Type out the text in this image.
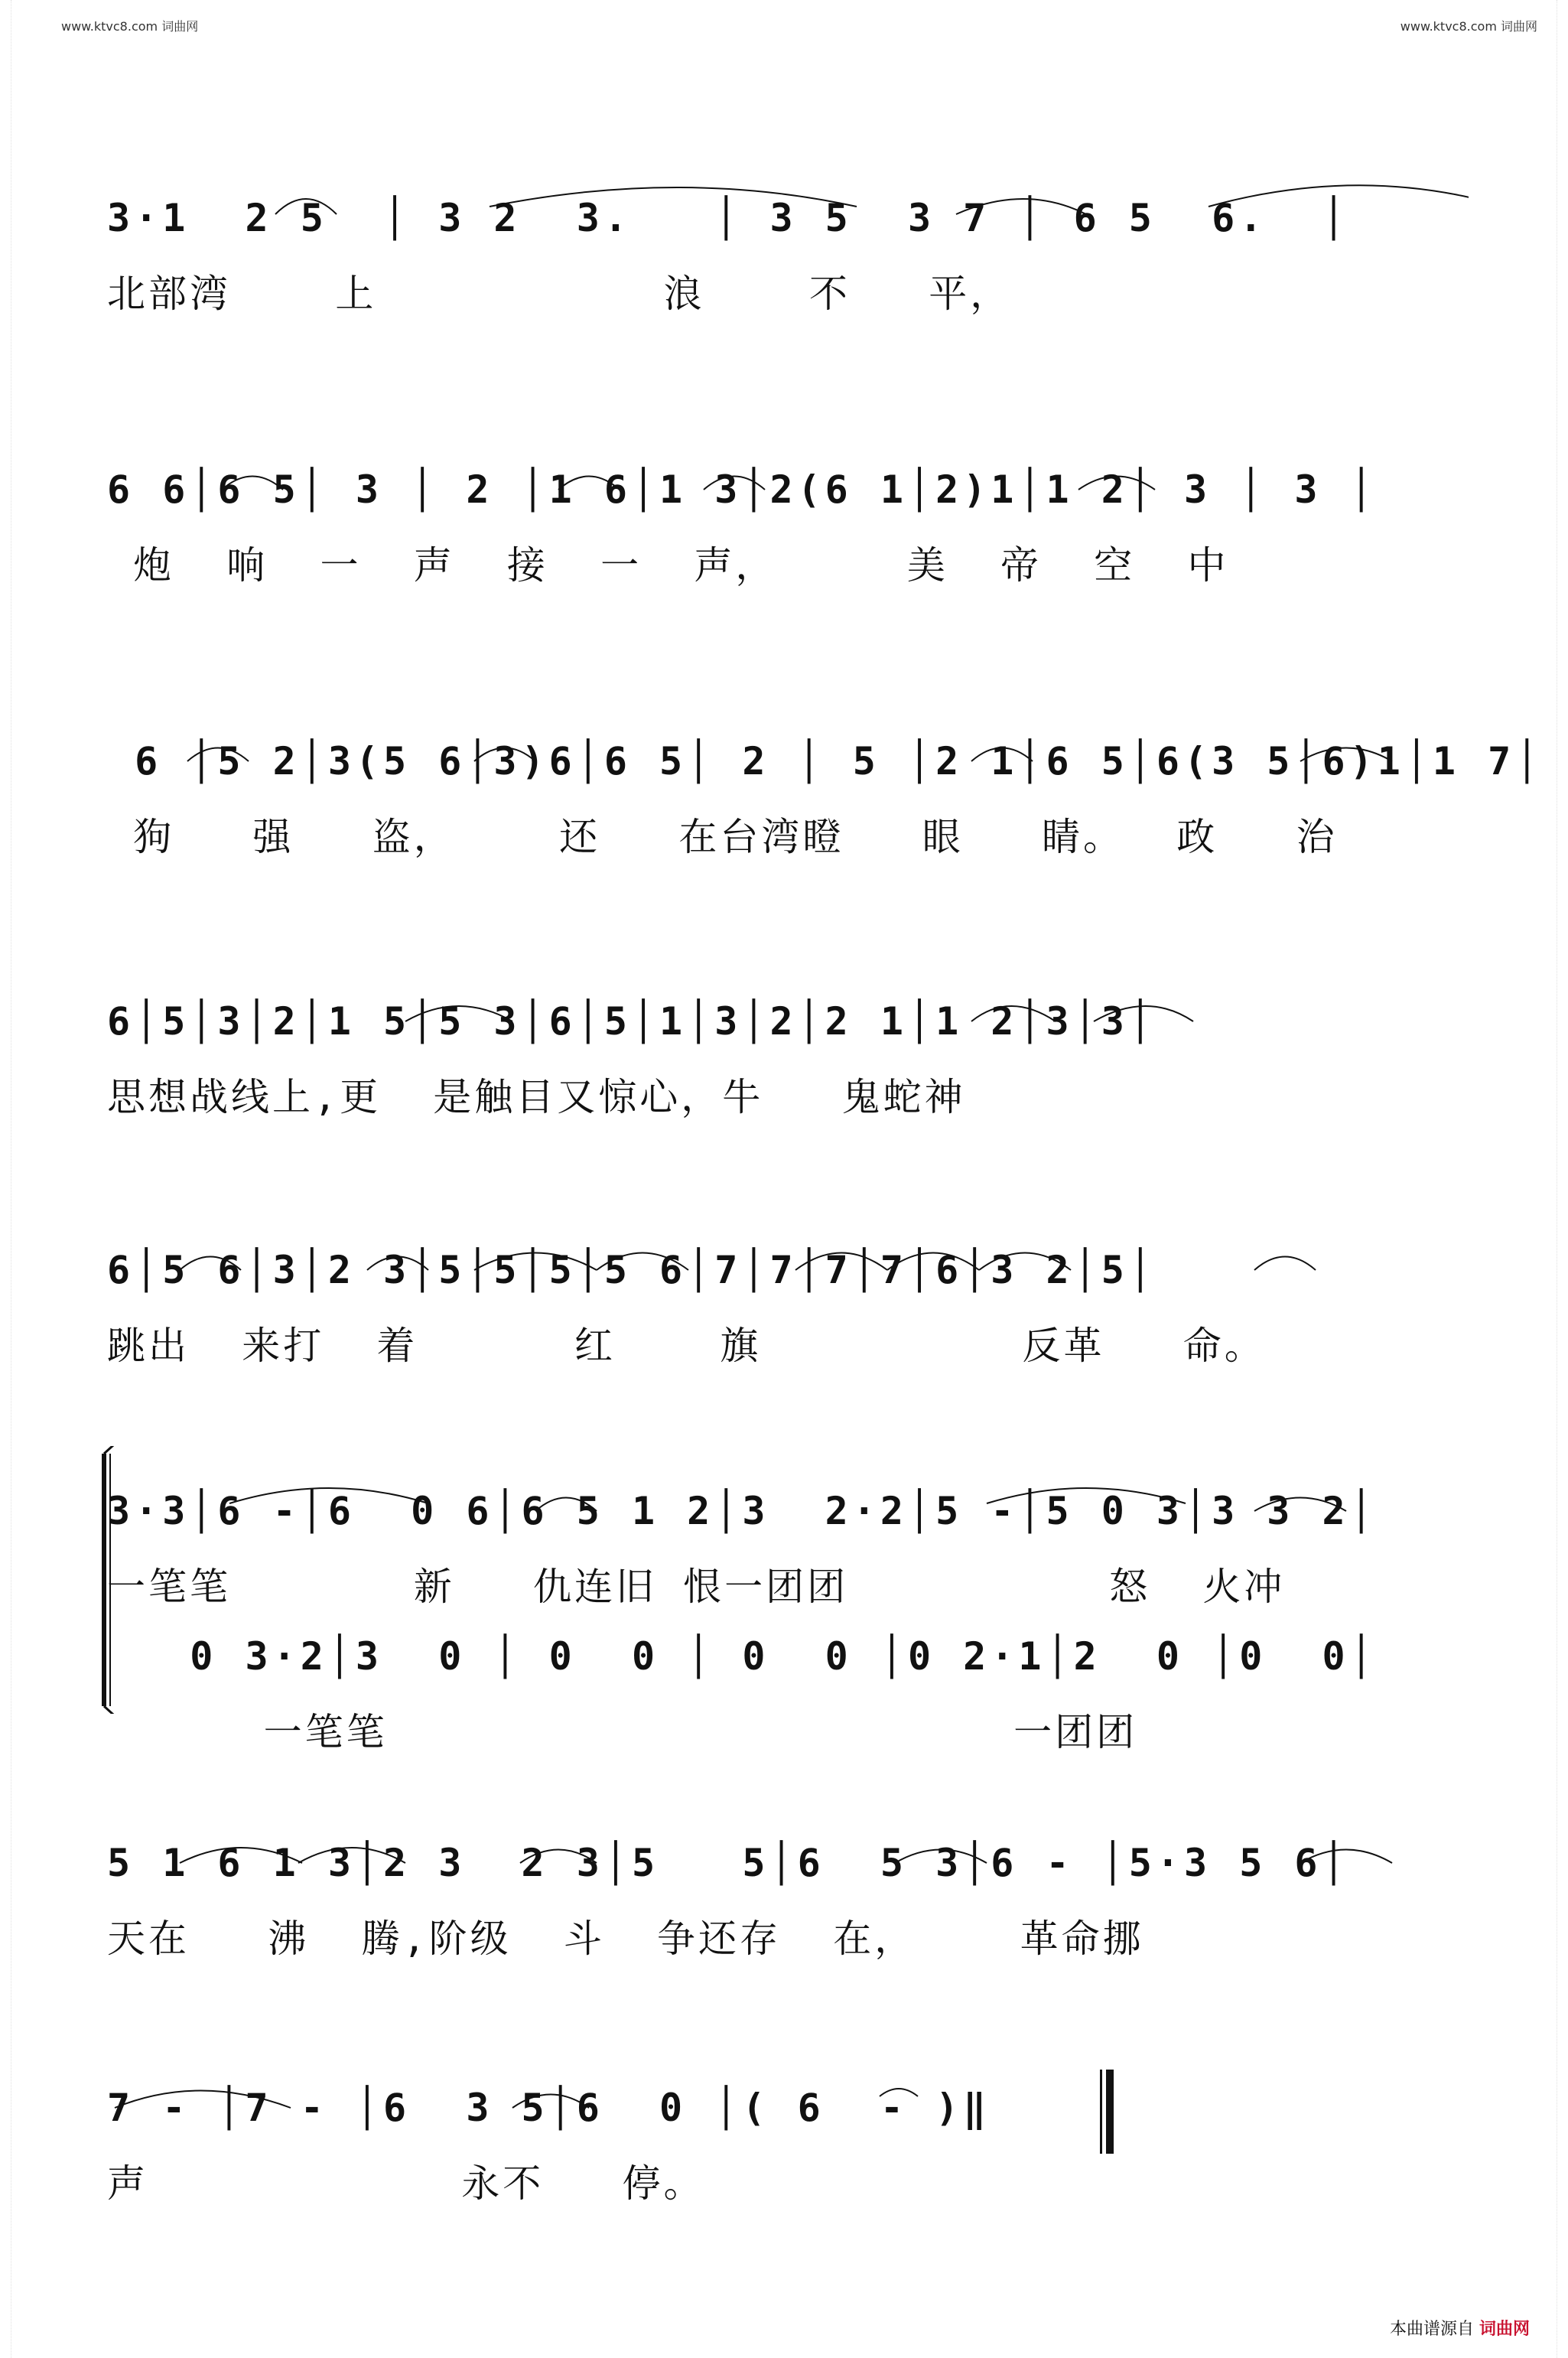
www.ktvc8.com 词曲网	www.ktvc8.com 词曲网
3·1  2 5  │ 3 2  3.   │ 3 5  3 7 │ 6 5  6.  │
北部湾    上           浪    不   平，
6 6│6 5│ 3 │ 2 │1 6│1 3│2(6 1│2)1│1 2│ 3 │ 3 │
炮  响  一  声  接  一  声，     美  帝  空  中
6 │5 2│3(5 6│3)6│6 5│ 2 │ 5 │2 1│6 5│6(3 5│6)1│1 7│
狗   强   盗，    还   在台湾瞪   眼   睛。  政   治
6│5│3│2│1 5│5 3│6│5│1│3│2│2 1│1 2│3│3│
思想战线上,更  是触目又惊心，牛   鬼蛇神
6│5 6│3│2 3│5│5│5│5 6│7│7│7│7│6│3 2│5│
跳出  来打  着      红    旗          反革   命。
3·3│6 -│6  0 6│6 5 1 2│3  2·2│5 -│5 0 3│3 3 2│
一笔笔       新   仇连旧 恨一团团          怒  火冲
0 3·2│3  0 │ 0  0 │ 0  0 │0 2·1│2  0 │0  0│
一笔笔                        一团团
5 1 6 1 3│2 3  2 3│5   5│6  5 3│6 - │5·3 5 6│
天在   沸  腾,阶级  斗  争还存  在，    革命挪
7 - │7 - │6  3 5│6  0 │( 6  - )‖
声            永不   停。
本曲谱源自 词曲网
